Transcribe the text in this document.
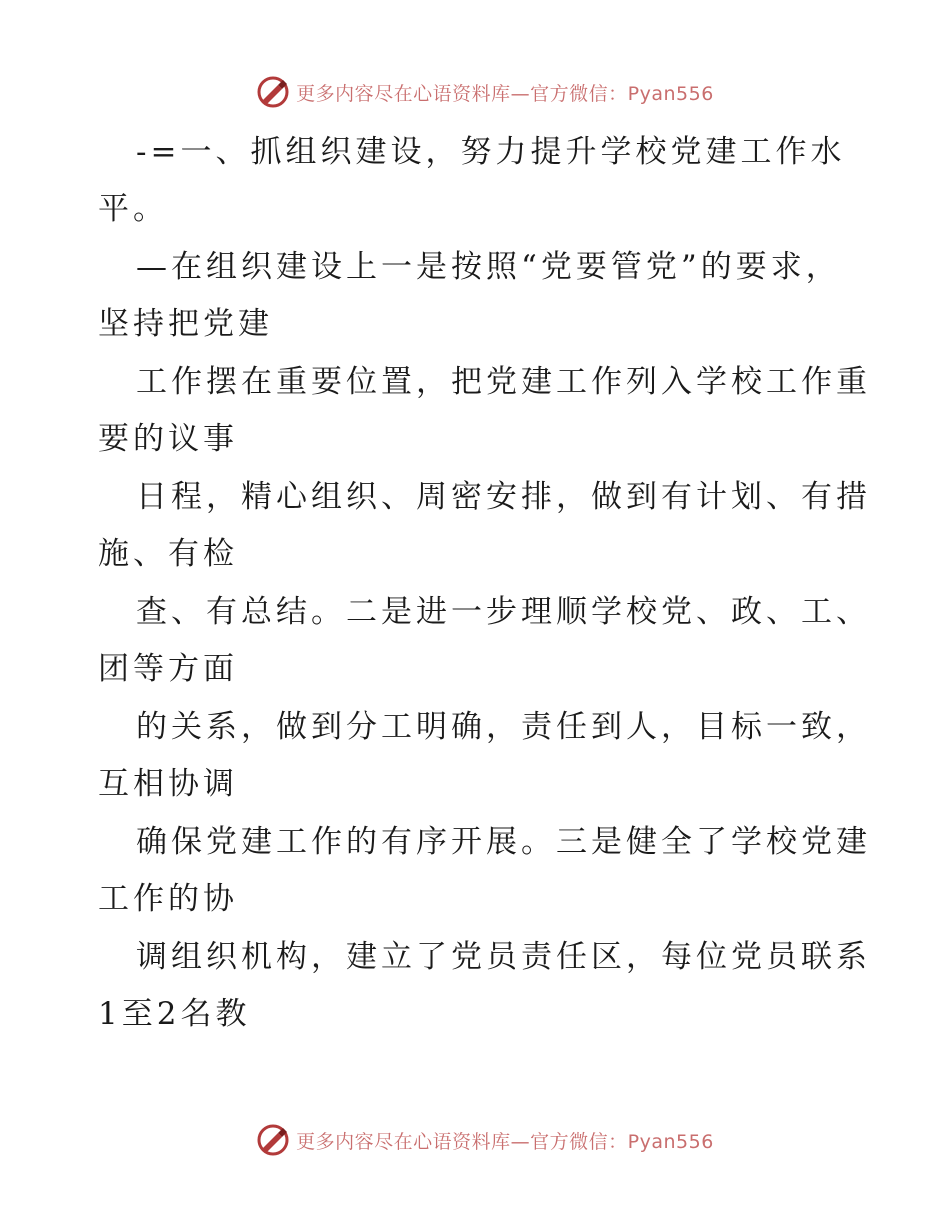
更多内容尽在心语资料库—官方微信：Pyan556
-=一、抓组织建设，努力提升学校党建工作水
平。
—在组织建设上一是按照“党要管党”的要求，
坚持把党建
工作摆在重要位置，把党建工作列入学校工作重
要的议事
日程，精心组织、周密安排，做到有计划、有措
施、有检
查、有总结。二是进一步理顺学校党、政、工、
团等方面
的关系，做到分工明确，责任到人，目标一致，
互相协调
确保党建工作的有序开展。三是健全了学校党建
工作的协
调组织机构，建立了党员责任区，每位党员联系
1至2名教
更多内容尽在心语资料库—官方微信：Pyan556
